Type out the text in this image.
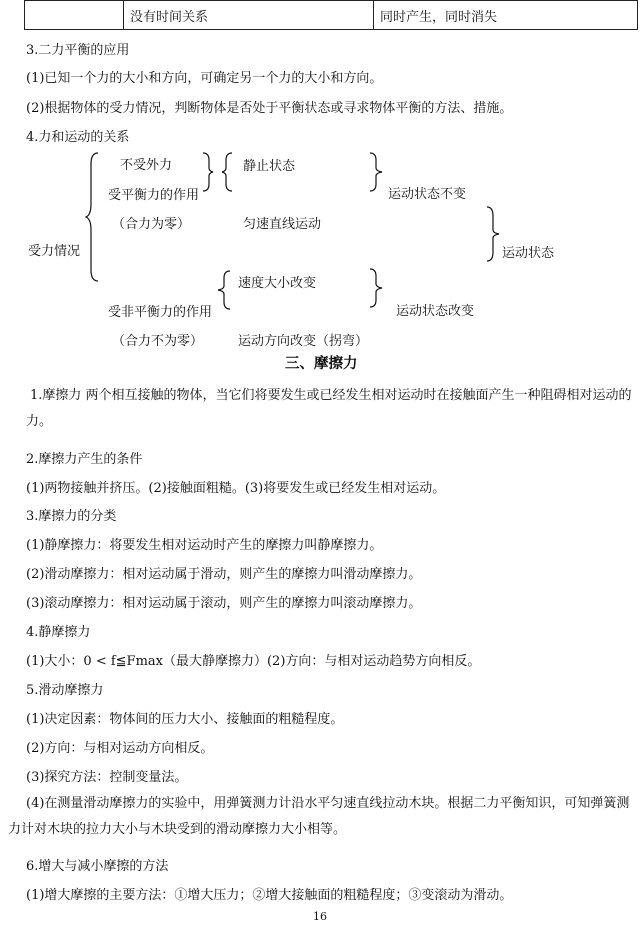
	没有时间关系	同时产生，同时消失
3.二力平衡的应用
(1)已知一个力的大小和方向，可确定另一个力的大小和方向。
(2)根据物体的受力情况，判断物体是否处于平衡状态或寻求物体平衡的方法、措施。
4.力和运动的关系
受力情况
不受外力
受平衡力的作用
（合力为零）
静止状态
匀速直线运动
运动状态不变
运动状态
速度大小改变
运动状态改变
受非平衡力的作用
（合力不为零）	运动方向改变（拐弯）
三、摩擦力
1.摩擦力 两个相互接触的物体，当它们将要发生或已经发生相对运动时在接触面产生一种阻碍相对运动的力。
2.摩擦力产生的条件
(1)两物接触并挤压。(2)接触面粗糙。(3)将要发生或已经发生相对运动。
3.摩擦力的分类
(1)静摩擦力：将要发生相对运动时产生的摩擦力叫静摩擦力。
(2)滑动摩擦力：相对运动属于滑动，则产生的摩擦力叫滑动摩擦力。
(3)滚动摩擦力：相对运动属于滚动，则产生的摩擦力叫滚动摩擦力。
4.静摩擦力
(1)大小：0 < f≦Fmax（最大静摩擦力）(2)方向：与相对运动趋势方向相反。
5.滑动摩擦力
(1)决定因素：物体间的压力大小、接触面的粗糙程度。
(2)方向：与相对运动方向相反。
(3)探究方法：控制变量法。
(4)在测量滑动摩擦力的实验中，用弹簧测力计沿水平匀速直线拉动木块。根据二力平衡知识，可知弹簧测力计对木块的拉力大小与木块受到的滑动摩擦力大小相等。
6.增大与减小摩擦的方法
(1)增大摩擦的主要方法：①增大压力；②增大接触面的粗糙程度；③变滚动为滑动。
16
